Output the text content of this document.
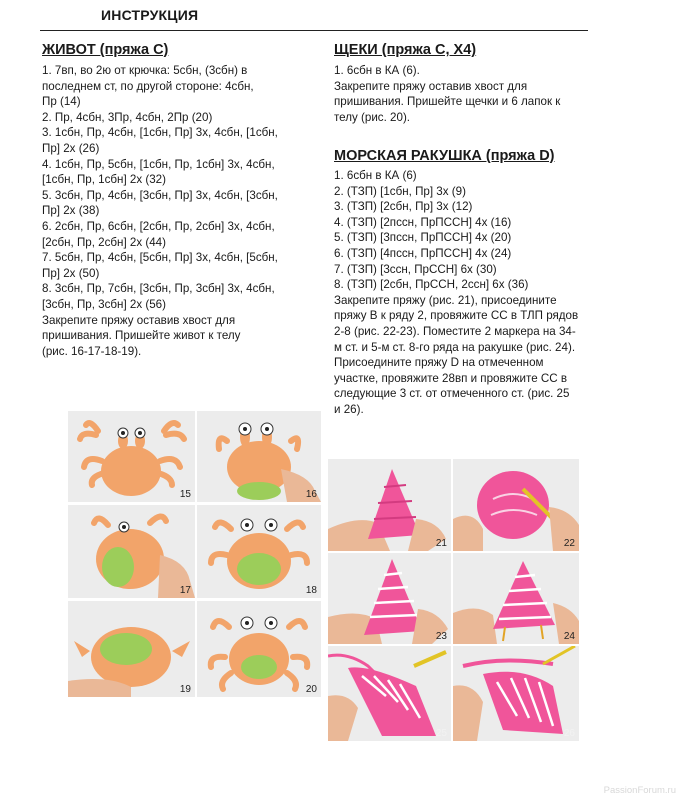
ИНСТРУКЦИЯ
ЖИВОТ (пряжа С)
1. 7вп, во 2ю от крючка: 5сбн, (3сбн) в
последнем ст, по другой стороне: 4сбн,
Пр (14)
2. Пр, 4сбн, 3Пр, 4сбн, 2Пр (20)
3. 1сбн, Пр, 4сбн, [1сбн, Пр] 3х, 4сбн, [1сбн,
Пр] 2х (26)
4. 1сбн, Пр, 5сбн, [1сбн, Пр, 1сбн] 3х, 4сбн,
[1сбн, Пр, 1сбн] 2х (32)
5. 3сбн, Пр, 4сбн, [3сбн, Пр] 3х, 4сбн, [3сбн,
Пр] 2х (38)
6. 2сбн, Пр, 6сбн, [2сбн, Пр, 2сбн] 3х, 4сбн,
[2сбн, Пр, 2сбн] 2х (44)
7. 5сбн, Пр, 4сбн, [5сбн, Пр] 3х, 4сбн, [5сбн,
Пр] 2х (50)
8. 3сбн, Пр, 7сбн, [3сбн, Пр, 3сбн] 3х, 4сбн,
[3сбн, Пр, 3сбн] 2х (56)
Закрепите пряжу оставив хвост для
пришивания. Пришейте живот к телу
(рис. 16-17-18-19).
ЩЕКИ (пряжа С, Х4)
1. 6сбн в КА (6).
Закрепите пряжу оставив хвост для
пришивания. Пришейте щечки и 6 лапок к
телу (рис. 20).
МОРСКАЯ РАКУШКА (пряжа D)
1. 6сбн в КА (6)
2. (ТЗП) [1сбн, Пр] 3х (9)
3. (ТЗП) [2сбн, Пр] 3х (12)
4. (ТЗП) [2пссн, ПрПССН] 4х (16)
5. (ТЗП) [3пссн, ПрПССН] 4х (20)
6. (ТЗП) [4пссн, ПрПССН] 4х (24)
7. (ТЗП) [3ссн, ПрССН] 6х (30)
8. (ТЗП) [2сбн, ПрССН, 2ссн] 6х (36)
Закрепите пряжу (рис. 21), присоедините
пряжу В к ряду 2, провяжите СС в ТЛП рядов
2-8 (рис. 22-23). Поместите 2 маркера на 34-
м ст. и 5-м ст. 8-го ряда на ракушке (рис. 24).
Присоедините пряжу D на отмеченном
участке, провяжите 28вп и провяжите СС в
следующие 3 ст. от отмеченного ст. (рис. 25
и 26).
15	16
17	18
19	20
21	22
23	24
25	26
PassionForum.ru
